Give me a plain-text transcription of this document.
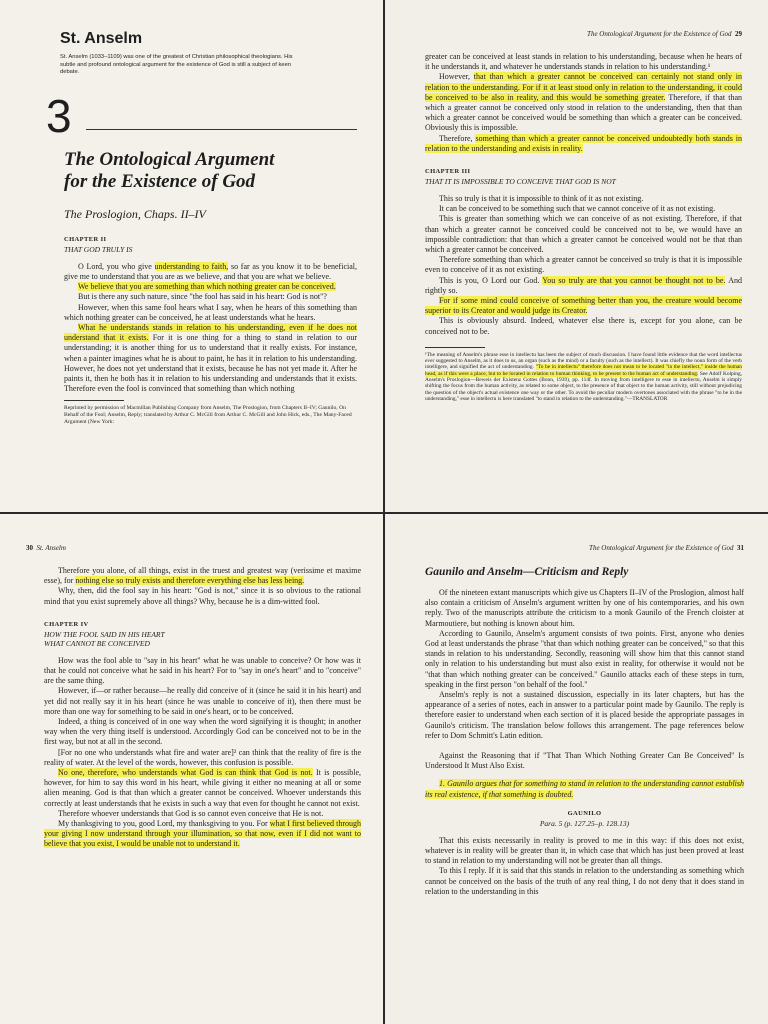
St. Anselm

St. Anselm (1033–1109) was one of the greatest of Christian philosophical theologians. His subtle and profound ontological argument for the existence of God is still a subject of keen debate.

3
The Ontological Argument
for the Existence of God
The Proslogion, Chaps. II–IV
CHAPTER II
THAT GOD TRULY IS

O Lord, you who give understanding to faith, so far as you know it to be beneficial, give me to understand that you are as we believe, and that you are what we believe.

We believe that you are something than which nothing greater can be conceived.

But is there any such nature, since "the fool has said in his heart: God is not"?

However, when this same fool hears what I say, when he hears of this something than which nothing greater can be conceived, he at least understands what he hears.

What he understands stands in relation to his understanding, even if he does not understand that it exists. For it is one thing for a thing to stand in relation to our understanding; it is another thing for us to understand that it really exists. For instance, when a painter imagines what he is about to paint, he has it in relation to his understanding. However, he does not yet understand that it exists, because he has not yet made it. After he paints it, then he both has it in relation to his understanding and understands that it exists. Therefore even the fool is convinced that something than which nothing

Reprinted by permission of Macmillan Publishing Company from Anselm, The Proslogion, from Chapters II–IV; Gaunilo, On Behalf of the Fool; Anselm, Reply; translated by Arthur C. McGill from Arthur C. McGill and John Hick, eds., The Many-Faced Argument (New York:

The Ontological Argument for the Existence of God 29

greater can be conceived at least stands in relation to his understanding, because when he hears of it he understands it, and whatever he understands stands in relation to his understanding.¹

However, that than which a greater cannot be conceived can certainly not stand only in relation to the understanding. For if it at least stood only in relation to the understanding, it could be conceived to be also in reality, and this would be something greater. Therefore, if that than which a greater cannot be conceived only stood in relation to the understanding, then that than which a greater cannot be conceived would be something than which a greater can be conceived. Obviously this is impossible.

Therefore, something than which a greater cannot be conceived undoubtedly both stands in relation to the understanding and exists in reality.

CHAPTER III
THAT IT IS IMPOSSIBLE TO CONCEIVE THAT GOD IS NOT

This so truly is that it is impossible to think of it as not existing.

It can be conceived to be something such that we cannot conceive of it as not existing.

This is greater than something which we can conceive of as not existing. Therefore, if that than which a greater cannot be conceived could be conceived not to be, we would have an impossible contradiction: that than which a greater cannot be conceived would not be that than which a greater cannot be conceived.

Therefore something than which a greater cannot be conceived so truly is that it is impossible even to conceive of it as not existing.

This is you, O Lord our God. You so truly are that you cannot be thought not to be. And rightly so.

For if some mind could conceive of something better than you, the creature would become superior to its Creator and would judge its Creator.

This is obviously absurd. Indeed, whatever else there is, except for you alone, can be conceived not to be.

¹The meaning of Anselm's phrase esse in intellectu has been the subject of much discussion. I have found little evidence that the word intellectus ever suggested to Anselm, as it does to us, an organ (such as the mind) or a faculty (such as the intellect). It was chiefly the noun form of the verb intelligere, and signified the act of understanding. "To be in intellectu" therefore does not mean to be located "in the intellect," inside the human head, as if this were a place, but to be located in relation to human thinking, to be present to the human act of understanding. See Adolf Kolping, Anselm's Proslogion—Beweis der Existenz Gottes (Bonn, 1939), pp. 114f. In moving from intelligere to esse in intellectu, Anselm is simply shifting the focus from the human activity, as related to some object, to the presence of that object to the human activity, still without prejudicing the question of the object's actual existence one way or the other. To avoid the peculiar modern overtones associated with the phrase "to be in the understanding," esse in intellectu is here translated "to stand in relation to the understanding."—TRANSLATOR

30 St. Anselm

Therefore you alone, of all things, exist in the truest and greatest way (verissime et maxime esse), for nothing else so truly exists and therefore everything else has less being.

Why, then, did the fool say in his heart: "God is not," since it is so obvious to the rational mind that you exist supremely above all things? Why, because he is a dim-witted fool.

CHAPTER IV
HOW THE FOOL SAID IN HIS HEART
WHAT CANNOT BE CONCEIVED

How was the fool able to "say in his heart" what he was unable to conceive? Or how was it that he could not conceive what he said in his heart? For to "say in one's heart" and to "conceive" are the same thing.

However, if—or rather because—he really did conceive of it (since he said it in his heart) and yet did not really say it in his heart (since he was unable to conceive of it), then there must be more than one way for something to be said in one's heart, or to be conceived.

Indeed, a thing is conceived of in one way when the word signifying it is thought; in another way when the very thing itself is understood. Accordingly God can be conceived not to be in the first way, but not at all in the second.

[For no one who understands what fire and water are]² can think that the reality of fire is the reality of water. At the level of the words, however, this confusion is possible.

No one, therefore, who understands what God is can think that God is not. It is possible, however, for him to say this word in his heart, while giving it either no meaning at all or some alien meaning. God is that than which a greater cannot be conceived. Whoever understands this correctly at least understands that he exists in such a way that even for thought he cannot not exist.

Therefore whoever understands that God is so cannot even conceive that He is not.

My thanksgiving to you, good Lord, my thanksgiving to you. For what I first believed through your giving I now understand through your illumination, so that now, even if I did not want to believe that you exist, I would be unable not to understand it.

The Ontological Argument for the Existence of God 31
Gaunilo and Anselm—Criticism and Reply

Of the nineteen extant manuscripts which give us Chapters II–IV of the Proslogion, almost half also contain a criticism of Anselm's argument written by one of his contemporaries, and his own reply. Two of the manuscripts attribute the criticism to a monk Gaunilo of the French cloister at Marmoutiere, but nothing is known about him.

According to Gaunilo, Anselm's argument consists of two points. First, anyone who denies God at least understands the phrase "that than which nothing greater can be conceived," so that this stands in relation to his understanding. Secondly, reasoning will show him that this cannot stand only in relation to his understanding but must also exist in reality, for otherwise it would not be "that than which nothing greater can be conceived." Gaunilo attacks each of these steps in turn, speaking in the first person "on behalf of the fool."

Anselm's reply is not a sustained discussion, especially in its later chapters, but has the appearance of a series of notes, each in answer to a particular point made by Gaunilo. The reply is therefore easier to understand when each section of it is placed beside the appropriate passages in Gaunilo's criticism. The translation below follows this arrangement. The page references below refer to Dom Schmitt's Latin edition.

Against the Reasoning that if "That Than Which Nothing Greater Can Be Conceived" Is Understood It Must Also Exist.

1. Gaunilo argues that for something to stand in relation to the understanding cannot establish its real existence, if that something is doubted.

GAUNILO
Para. 5 (p. 127.25–p. 128.13)

That this exists necessarily in reality is proved to me in this way: if this does not exist, whatever is in reality will be greater than it, in which case that which has just been proved at least to stand in relation to my understanding will not be greater than all things.

To this I reply. If it is said that this stands in relation to the understanding as something which cannot be conceived on the basis of the truth of any real thing, I do not deny that it does stand in relation to the understanding in this
